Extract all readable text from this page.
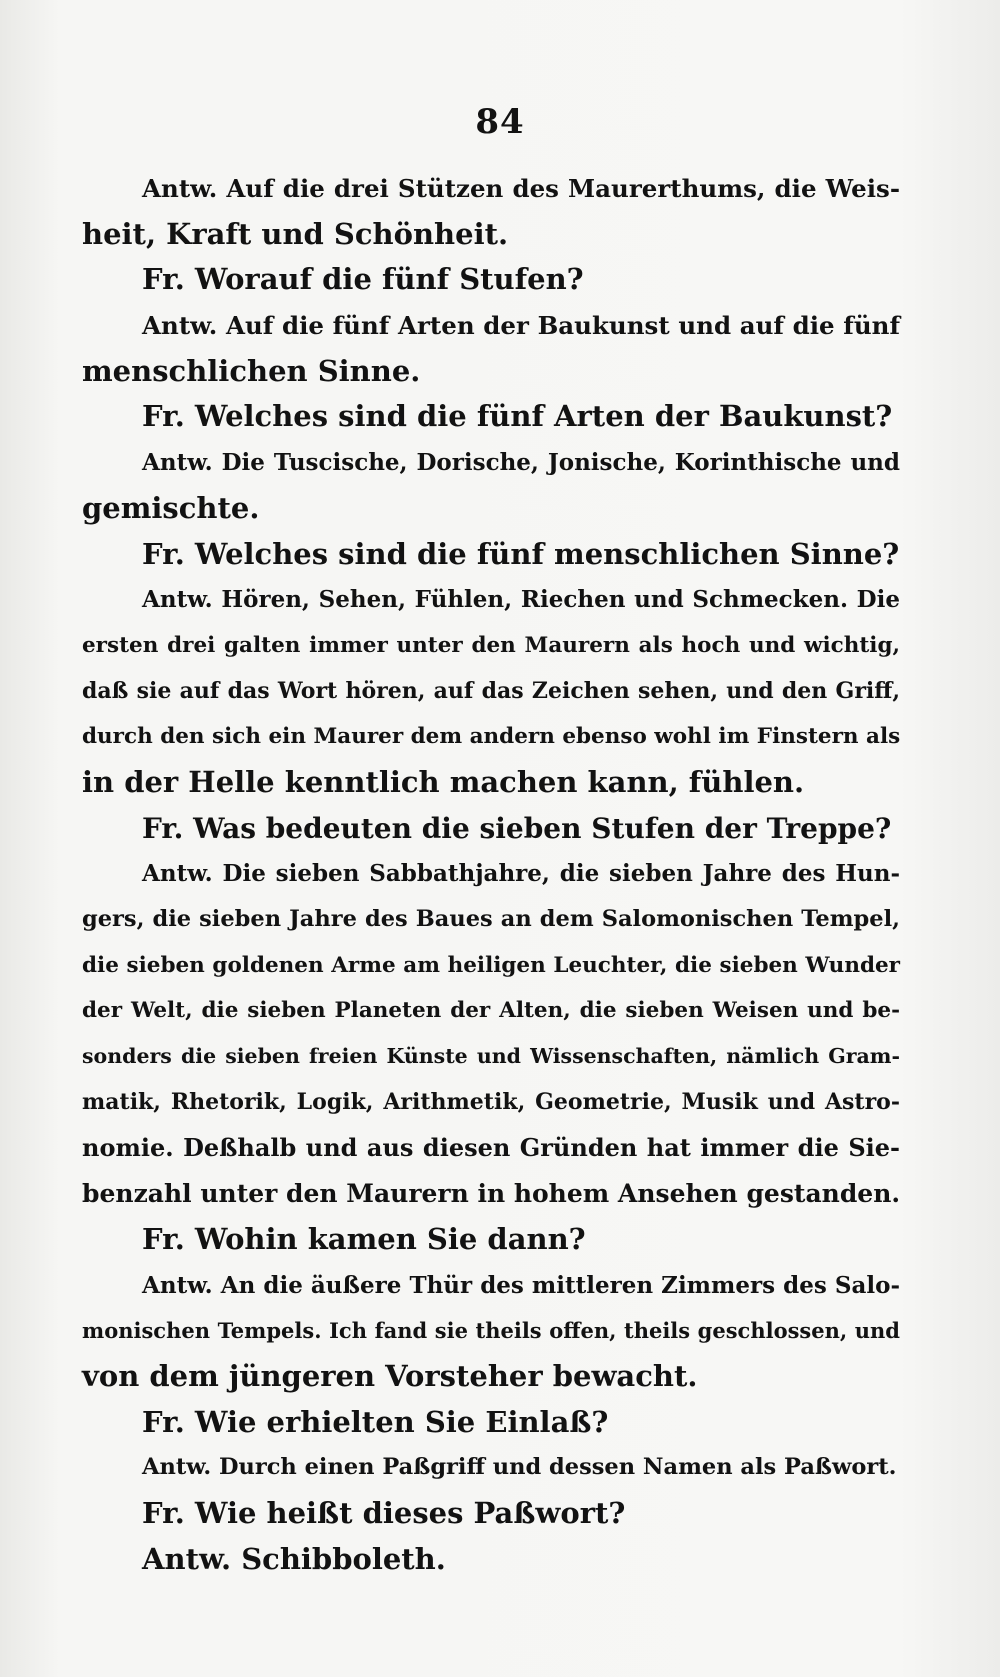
84
Antw. Auf die drei Stützen des Maurerthums, die Weis-
heit, Kraft und Schönheit.
Fr. Worauf die fünf Stufen?
Antw. Auf die fünf Arten der Baukunst und auf die fünf
menschlichen Sinne.
Fr. Welches sind die fünf Arten der Baukunst?
Antw. Die Tuscische, Dorische, Jonische, Korinthische und
gemischte.
Fr. Welches sind die fünf menschlichen Sinne?
Antw. Hören, Sehen, Fühlen, Riechen und Schmecken. Die
ersten drei galten immer unter den Maurern als hoch und wichtig,
daß sie auf das Wort hören, auf das Zeichen sehen, und den Griff,
durch den sich ein Maurer dem andern ebenso wohl im Finstern als
in der Helle kenntlich machen kann, fühlen.
Fr. Was bedeuten die sieben Stufen der Treppe?
Antw. Die sieben Sabbathjahre, die sieben Jahre des Hun-
gers, die sieben Jahre des Baues an dem Salomonischen Tempel,
die sieben goldenen Arme am heiligen Leuchter, die sieben Wunder
der Welt, die sieben Planeten der Alten, die sieben Weisen und be-
sonders die sieben freien Künste und Wissenschaften, nämlich Gram-
matik, Rhetorik, Logik, Arithmetik, Geometrie, Musik und Astro-
nomie. Deßhalb und aus diesen Gründen hat immer die Sie-
benzahl unter den Maurern in hohem Ansehen gestanden.
Fr. Wohin kamen Sie dann?
Antw. An die äußere Thür des mittleren Zimmers des Salo-
monischen Tempels. Ich fand sie theils offen, theils geschlossen, und
von dem jüngeren Vorsteher bewacht.
Fr. Wie erhielten Sie Einlaß?
Antw. Durch einen Paßgriff und dessen Namen als Paßwort.
Fr. Wie heißt dieses Paßwort?
Antw. Schibboleth.
